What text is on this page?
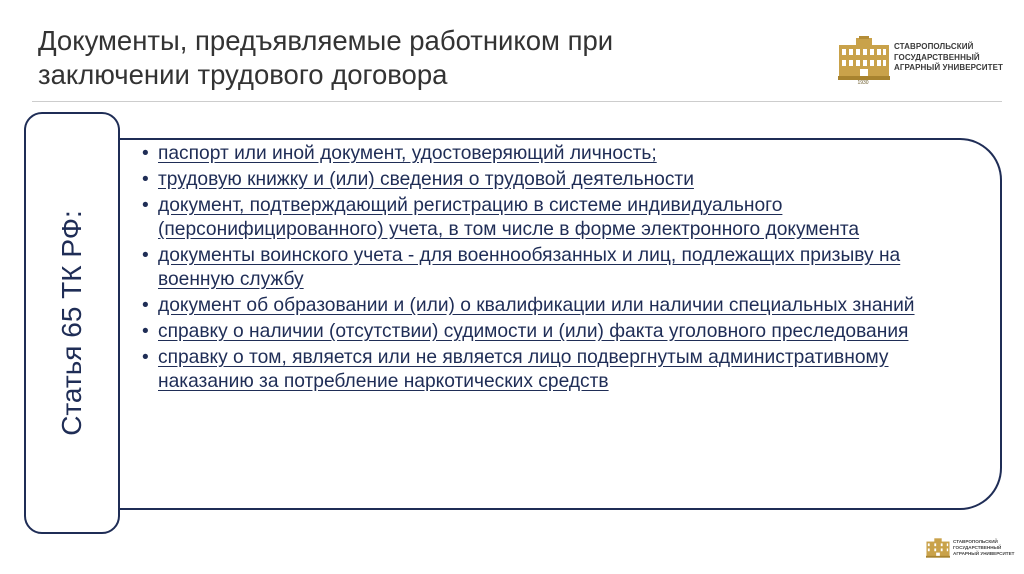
Документы, предъявляемые работником при
заключении трудового договора
СТАВРОПОЛЬСКИЙ
ГОСУДАРСТВЕННЫЙ
АГРАРНЫЙ УНИВЕРСИТЕТ
1930
Статья 65 ТК РФ:
• паспорт или иной документ, удостоверяющий личность;
• трудовую книжку и (или) сведения о трудовой деятельности
• документ, подтверждающий регистрацию в системе индивидуального (персонифицированного) учета, в том числе в форме электронного документа
• документы воинского учета - для военнообязанных и лиц, подлежащих призыву на военную службу
• документ об образовании и (или) о квалификации или наличии специальных знаний
• справку о наличии (отсутствии) судимости и (или) факта уголовного преследования
• справку о том, является или не является лицо подвергнутым административному наказанию за потребление наркотических средств
СТАВРОПОЛЬСКИЙ
ГОСУДАРСТВЕННЫЙ
АГРАРНЫЙ УНИВЕРСИТЕТ
